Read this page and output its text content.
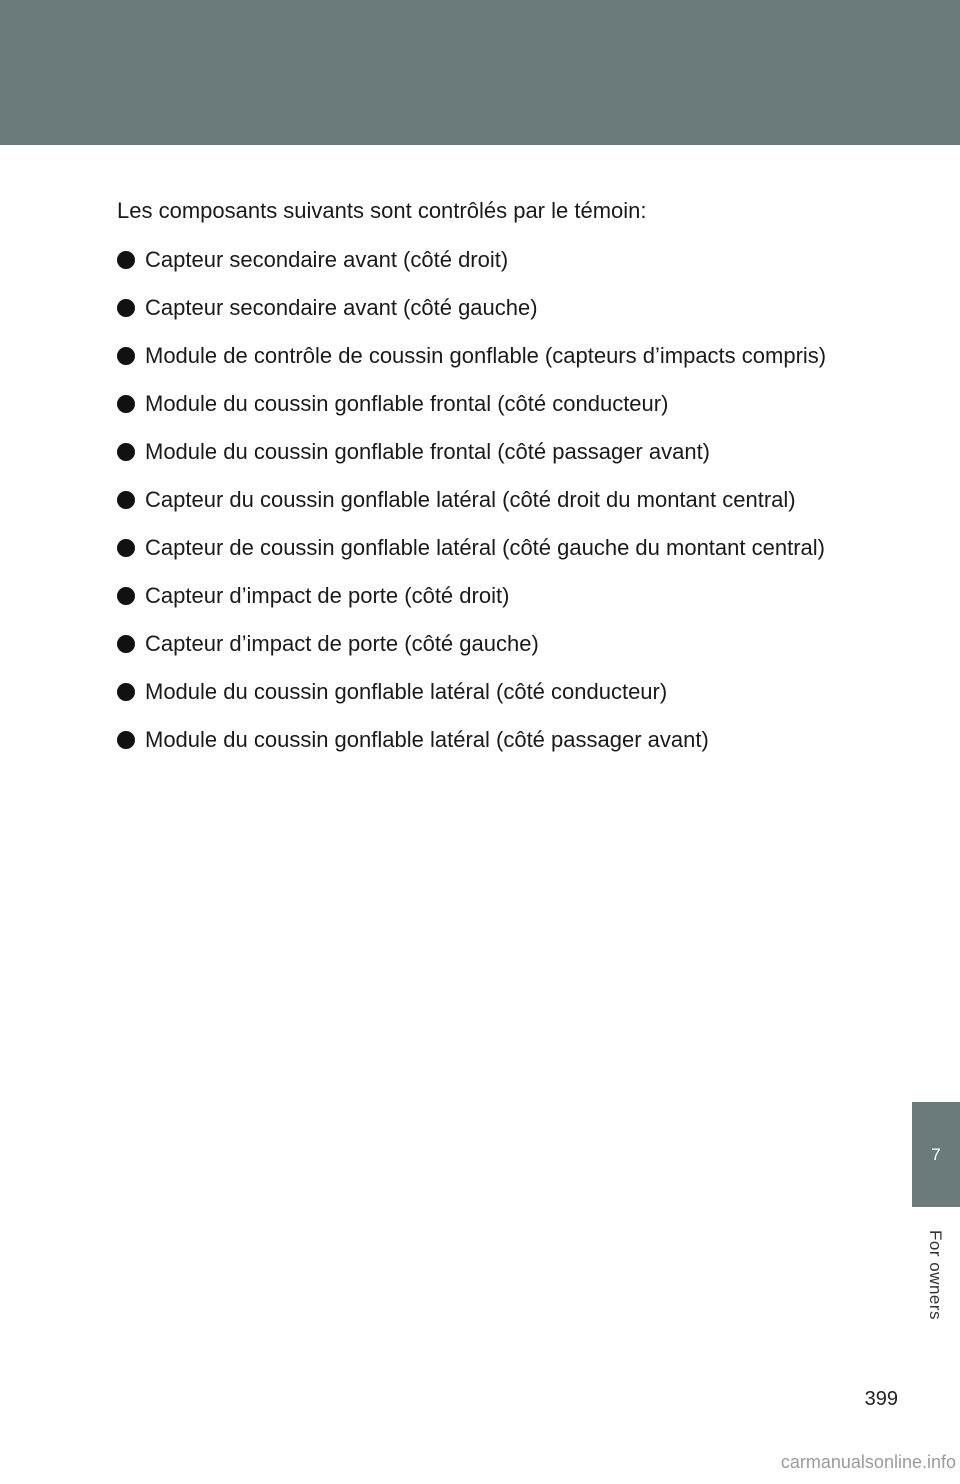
Les composants suivants sont contrôlés par le témoin:

Capteur secondaire avant (côté droit)
Capteur secondaire avant (côté gauche)
Module de contrôle de coussin gonflable (capteurs d’impacts compris)
Module du coussin gonflable frontal (côté conducteur)
Module du coussin gonflable frontal (côté passager avant)
Capteur du coussin gonflable latéral (côté droit du montant central)
Capteur de coussin gonflable latéral (côté gauche du montant central)
Capteur d’impact de porte (côté droit)
Capteur d’impact de porte (côté gauche)
Module du coussin gonflable latéral (côté conducteur)
Module du coussin gonflable latéral (côté passager avant)
7
For owners
399
carmanualsonline.info
